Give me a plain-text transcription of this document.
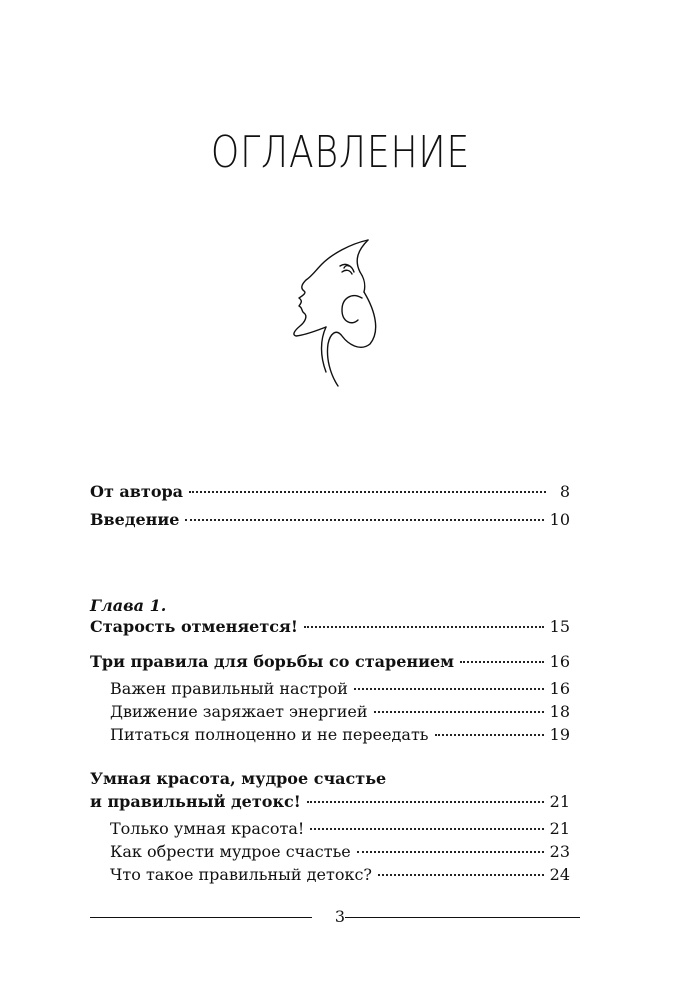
ОГЛАВЛЕНИЕ
От автора	8
Введение	10
Глава 1.
Старость отменяется!	15
Три правила для борьбы со старением	16
Важен правильный настрой	16
Движение заряжает энергией	18
Питаться полноценно и не переедать	19
Умная красота, мудрое счастье
и правильный детокс!	21
Только умная красота!	21
Как обрести мудрое счастье	23
Что такое правильный детокс?	24
3
